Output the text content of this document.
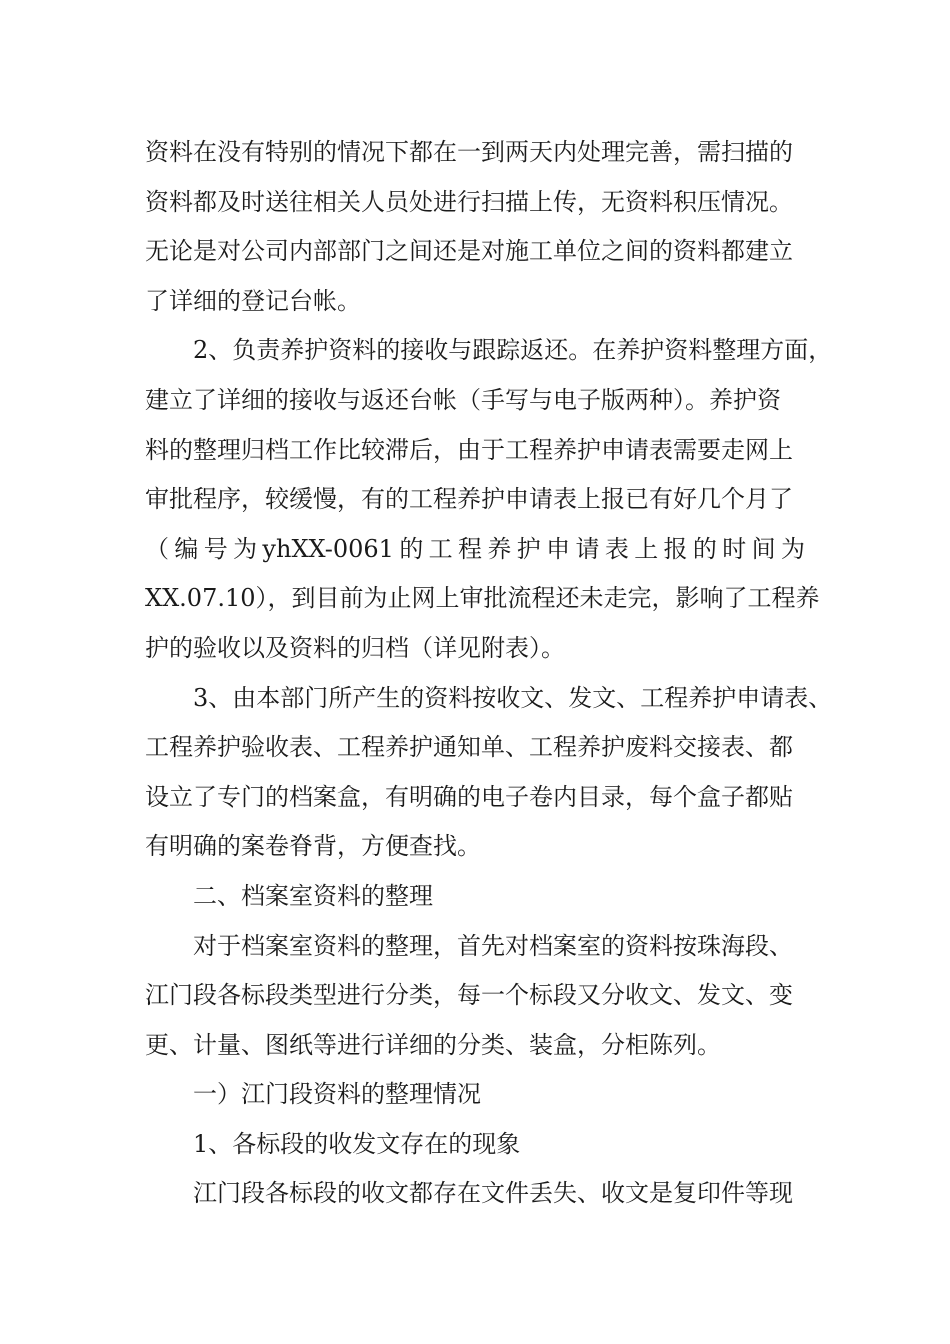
资料在没有特别的情况下都在一到两天内处理完善，需扫描的
资料都及时送往相关人员处进行扫描上传，无资料积压情况。
无论是对公司内部部门之间还是对施工单位之间的资料都建立
了详细的登记台帐。
2、负责养护资料的接收与跟踪返还。在养护资料整理方面，
建立了详细的接收与返还台帐（手写与电子版两种）。养护资
料的整理归档工作比较滞后，由于工程养护申请表需要走网上
审批程序，较缓慢，有的工程养护申请表上报已有好几个月了
（编号为yhXX-0061的工程养护申请表上报的时间为
XX.07.10），到目前为止网上审批流程还未走完，影响了工程养
护的验收以及资料的归档（详见附表）。
3、由本部门所产生的资料按收文、发文、工程养护申请表、
工程养护验收表、工程养护通知单、工程养护废料交接表、都
设立了专门的档案盒，有明确的电子卷内目录，每个盒子都贴
有明确的案卷脊背，方便查找。
二、档案室资料的整理
对于档案室资料的整理，首先对档案室的资料按珠海段、
江门段各标段类型进行分类，每一个标段又分收文、发文、变
更、计量、图纸等进行详细的分类、装盒，分柜陈列。
一）江门段资料的整理情况
1、各标段的收发文存在的现象
江门段各标段的收文都存在文件丢失、收文是复印件等现
